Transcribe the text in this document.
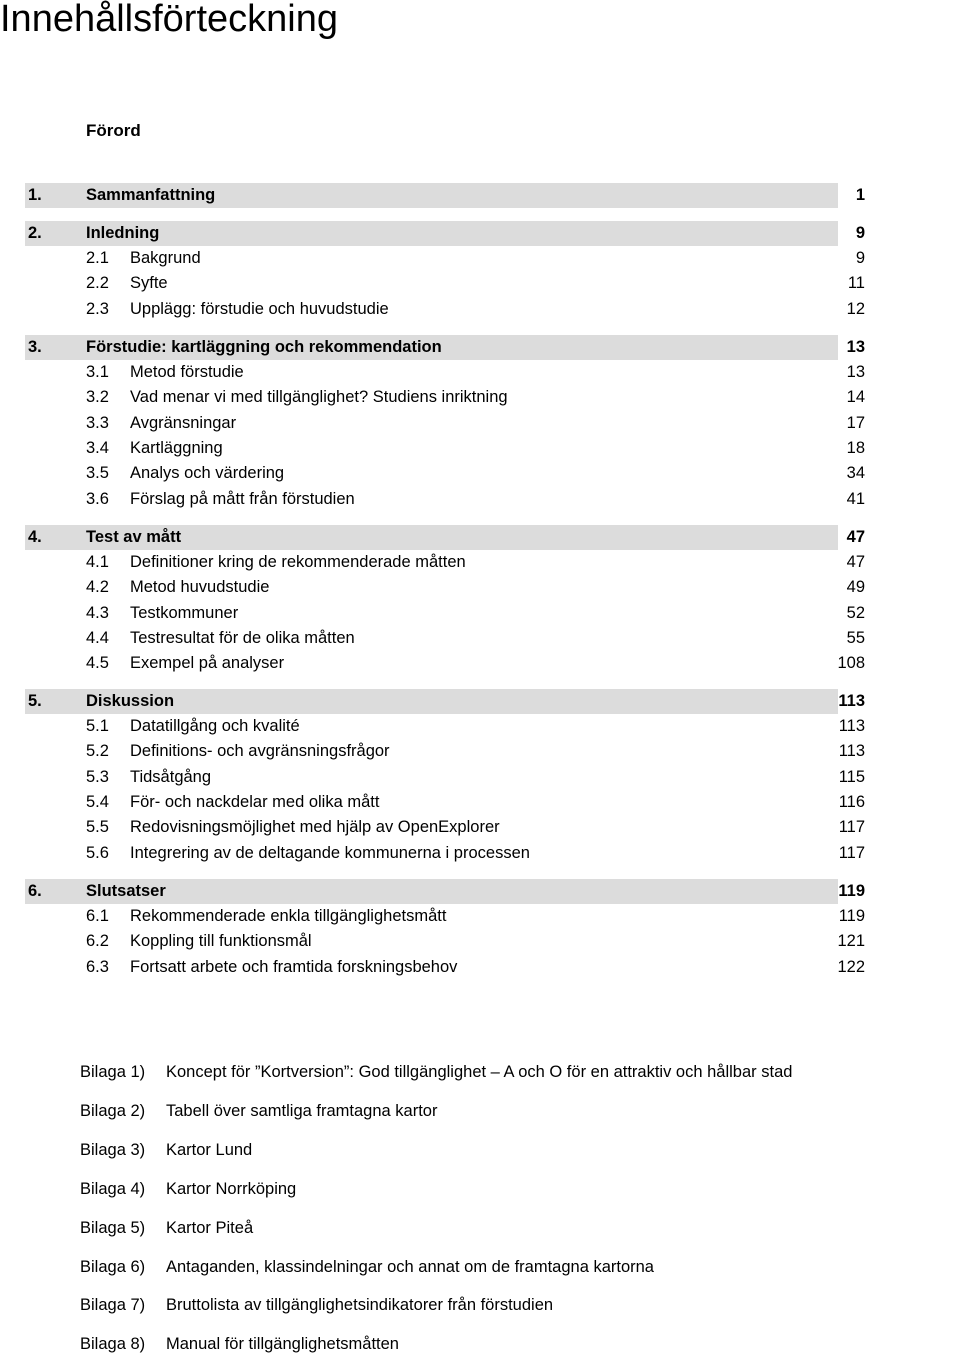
Innehållsförteckning
Förord
1.	Sammanfattning	1
2.	Inledning	9
2.1 Bakgrund	9
2.2 Syfte	11
2.3 Upplägg: förstudie och huvudstudie	12
3.	Förstudie: kartläggning och rekommendation	13
3.1 Metod förstudie	13
3.2 Vad menar vi med tillgänglighet? Studiens inriktning	14
3.3 Avgränsningar	17
3.4 Kartläggning	18
3.5 Analys och värdering	34
3.6 Förslag på mått från förstudien	41
4.	Test av mått	47
4.1 Definitioner kring de rekommenderade måtten	47
4.2 Metod huvudstudie	49
4.3 Testkommuner	52
4.4 Testresultat för de olika måtten	55
4.5 Exempel på analyser	108
5.	Diskussion	113
5.1 Datatillgång och kvalité	113
5.2 Definitions- och avgränsningsfrågor	113
5.3 Tidsåtgång	115
5.4 För- och nackdelar med olika mått	116
5.5 Redovisningsmöjlighet med hjälp av OpenExplorer	117
5.6 Integrering av de deltagande kommunerna i processen	117
6.	Slutsatser	119
6.1 Rekommenderade enkla tillgänglighetsmått	119
6.2 Koppling till funktionsmål	121
6.3 Fortsatt arbete och framtida forskningsbehov	122
Bilaga 1) Koncept för ”Kortversion”: God tillgänglighet – A och O för en attraktiv och hållbar stad
Bilaga 2) Tabell över samtliga framtagna kartor
Bilaga 3) Kartor Lund
Bilaga 4) Kartor Norrköping
Bilaga 5) Kartor Piteå
Bilaga 6) Antaganden, klassindelningar och annat om de framtagna kartorna
Bilaga 7) Bruttolista av tillgänglighetsindikatorer från förstudien
Bilaga 8) Manual för tillgänglighetsmåtten
